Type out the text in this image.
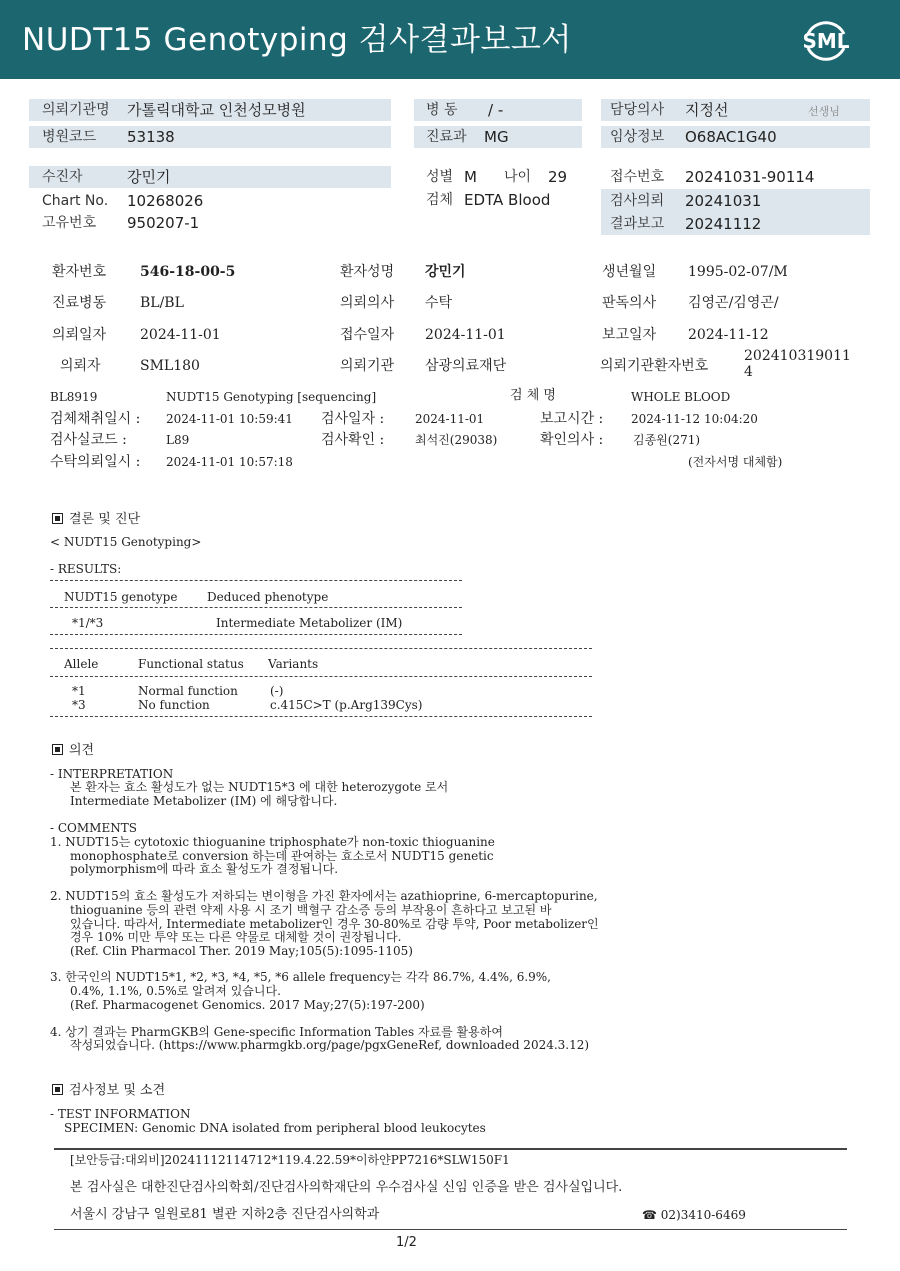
NUDT15 Genotyping 검사결과보고서	SML
의뢰기관명 가톨릭대학교 인천성모병원	병 동 / -	담당의사 지정선	선생님
병원코드 53138	진료과 MG	임상정보 O68AC1G40
수진자	강민기	성별 M 나이 29	접수번호 20241031-90114
Chart No. 10268026	검체 EDTA Blood	검사의뢰 20241031
고유번호 950207-1	결과보고 20241112
환자번호 546-18-00-5	환자성명 강민기	생년월일 1995-02-07/M
진료병동 BL/BL	의뢰의사 수탁	판독의사 김영곤/김영곤/
의뢰일자 2024-11-01	접수일자 2024-11-01	보고일자 2024-11-12
의뢰자	SML180	의뢰기관 삼광의료재단	의뢰기관환자번호
202410319011
4
BL8919	NUDT15 Genotyping [sequencing]	검 체 명	WHOLE BLOOD
검체채취일시 : 2024-11-01 10:59:41 검사일자 :	2024-11-01	보고시간 : 2024-11-12 10:04:20
검사실코드 :	L89	검사확인 :	최석진(29038)	확인의사 : 김종원(271)
수탁의뢰일시 : 2024-11-01 10:57:18	(전자서명 대체함)
결론 및 진단
< NUDT15 Genotyping>
- RESULTS:
NUDT15 genotype Deduced phenotype
*1/*3	Intermediate Metabolizer (IM)
Allele	Functional status Variants
*1	Normal function	(-)
*3	No function	c.415C>T (p.Arg139Cys)
의견
- INTERPRETATION
본 환자는 효소 활성도가 없는 NUDT15*3 에 대한 heterozygote 로서
Intermediate Metabolizer (IM) 에 해당합니다.
- COMMENTS
1. NUDT15는 cytotoxic thioguanine triphosphate가 non-toxic thioguanine
monophosphate로 conversion 하는데 관여하는 효소로서 NUDT15 genetic
polymorphism에 따라 효소 활성도가 결정됩니다.
2. NUDT15의 효소 활성도가 저하되는 변이형을 가진 환자에서는 azathioprine, 6-mercaptopurine,
thioguanine 등의 관련 약제 사용 시 조기 백혈구 감소증 등의 부작용이 흔하다고 보고된 바
있습니다. 따라서, Intermediate metabolizer인 경우 30-80%로 감량 투약, Poor metabolizer인
경우 10% 미만 투약 또는 다른 약물로 대체할 것이 권장됩니다.
(Ref. Clin Pharmacol Ther. 2019 May;105(5):1095-1105)
3. 한국인의 NUDT15*1, *2, *3, *4, *5, *6 allele frequency는 각각 86.7%, 4.4%, 6.9%,
0.4%, 1.1%, 0.5%로 알려져 있습니다.
(Ref. Pharmacogenet Genomics. 2017 May;27(5):197-200)
4. 상기 결과는 PharmGKB의 Gene-specific Information Tables 자료를 활용하여
작성되었습니다. (https://www.pharmgkb.org/page/pgxGeneRef, downloaded 2024.3.12)
검사정보 및 소견
- TEST INFORMATION
SPECIMEN: Genomic DNA isolated from peripheral blood leukocytes
[보안등급:대외비]20241112114712*119.4.22.59*이하얀PP7216*SLW150F1
본 검사실은 대한진단검사의학회/진단검사의학재단의 우수검사실 신임 인증을 받은 검사실입니다.
서울시 강남구 일원로81 별관 지하2층 진단검사의학과	☎ 02)3410-6469
1/2
